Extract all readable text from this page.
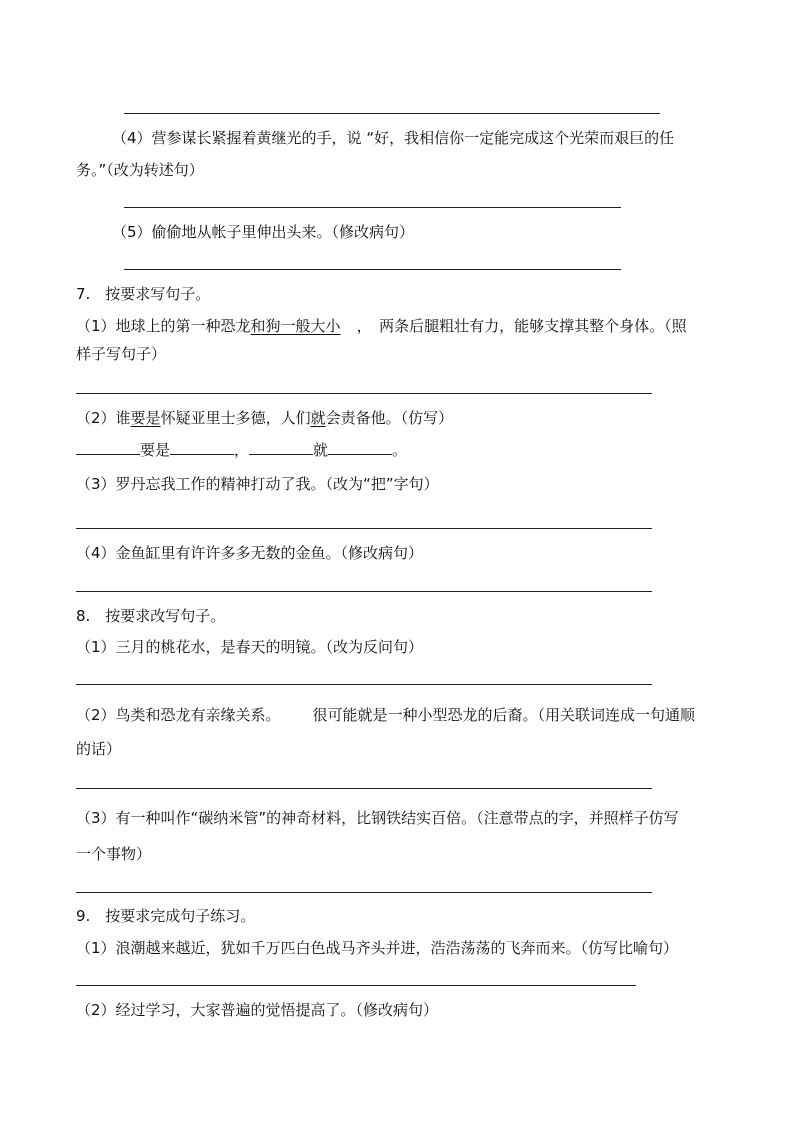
（4）营参谋长紧握着黄继光的手，说 “好，我相信你一定能完成这个光荣而艰巨的任
务。”（改为转述句）
（5）偷偷地从帐子里伸出头来。（修改病句）
7.　按要求写句子。
（1）地球上的第一种恐龙和狗一般大小 ，　两条后腿粗壮有力，能够支撑其整个身体。（照
样子写句子）
（2）谁要是怀疑亚里士多德，人们就会责备他。（仿写）
要是	，	就	。
（3）罗丹忘我工作的精神打动了我。（改为“把”字句）
（4）金鱼缸里有许许多多无数的金鱼。（修改病句）
8.　按要求改写句子。
（1）三月的桃花水，是春天的明镜。（改为反问句）
（2）鸟类和恐龙有亲缘关系。 很可能就是一种小型恐龙的后裔。（用关联词连成一句通顺
的话）
（3）有一种叫作“碳纳米管”的神奇材料，比钢铁结实百倍。（注意带点的字，并照样子仿写
一个事物）
9.　按要求完成句子练习。
（1）浪潮越来越近，犹如千万匹白色战马齐头并进，浩浩荡荡的飞奔而来。（仿写比喻句）
（2）经过学习，大家普遍的觉悟提高了。（修改病句）
